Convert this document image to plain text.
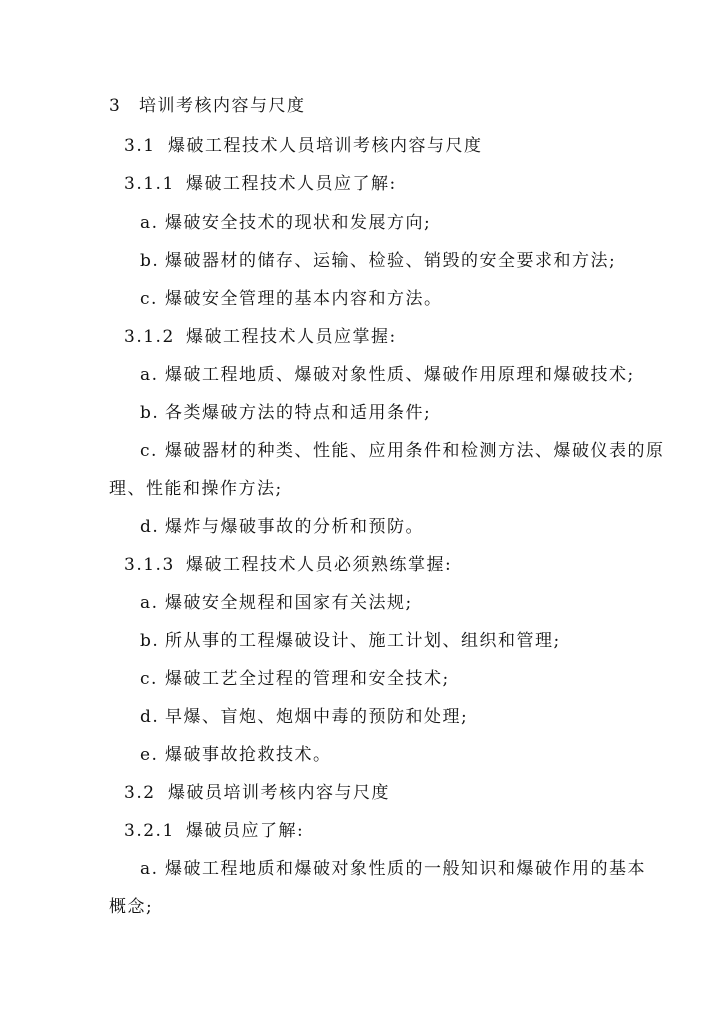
3 培训考核内容与尺度
3.1 爆破工程技术人员培训考核内容与尺度
3.1.1 爆破工程技术人员应了解:
a. 爆破安全技术的现状和发展方向;
b. 爆破器材的储存、运输、检验、销毁的安全要求和方法;
c. 爆破安全管理的基本内容和方法。
3.1.2 爆破工程技术人员应掌握:
a. 爆破工程地质、爆破对象性质、爆破作用原理和爆破技术;
b. 各类爆破方法的特点和适用条件;
c. 爆破器材的种类、性能、应用条件和检测方法、爆破仪表的原
理、性能和操作方法;
d. 爆炸与爆破事故的分析和预防。
3.1.3 爆破工程技术人员必须熟练掌握:
a. 爆破安全规程和国家有关法规;
b. 所从事的工程爆破设计、施工计划、组织和管理;
c. 爆破工艺全过程的管理和安全技术;
d. 早爆、盲炮、炮烟中毒的预防和处理;
e. 爆破事故抢救技术。
3.2 爆破员培训考核内容与尺度
3.2.1 爆破员应了解:
a. 爆破工程地质和爆破对象性质的一般知识和爆破作用的基本
概念;
